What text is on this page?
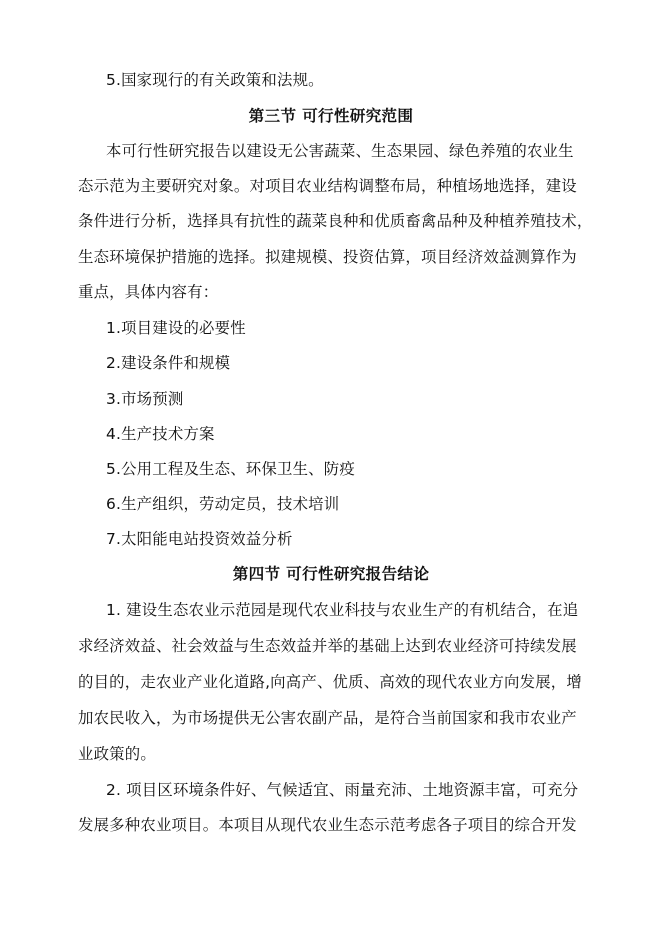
5.国家现行的有关政策和法规。
第三节 可行性研究范围
本可行性研究报告以建设无公害蔬菜、生态果园、绿色养殖的农业生
态示范为主要研究对象。对项目农业结构调整布局，种植场地选择，建设
条件进行分析，选择具有抗性的蔬菜良种和优质畜禽品种及种植养殖技术，
生态环境保护措施的选择。拟建规模、投资估算，项目经济效益测算作为
重点，具体内容有：
1.项目建设的必要性
2.建设条件和规模
3.市场预测
4.生产技术方案
5.公用工程及生态、环保卫生、防疫
6.生产组织，劳动定员，技术培训
7.太阳能电站投资效益分析
第四节 可行性研究报告结论
1. 建设生态农业示范园是现代农业科技与农业生产的有机结合，在追
求经济效益、社会效益与生态效益并举的基础上达到农业经济可持续发展
的目的，走农业产业化道路,向高产、优质、高效的现代农业方向发展，增
加农民收入，为市场提供无公害农副产品，是符合当前国家和我市农业产
业政策的。
2. 项目区环境条件好、气候适宜、雨量充沛、土地资源丰富，可充分
发展多种农业项目。本项目从现代农业生态示范考虑各子项目的综合开发
